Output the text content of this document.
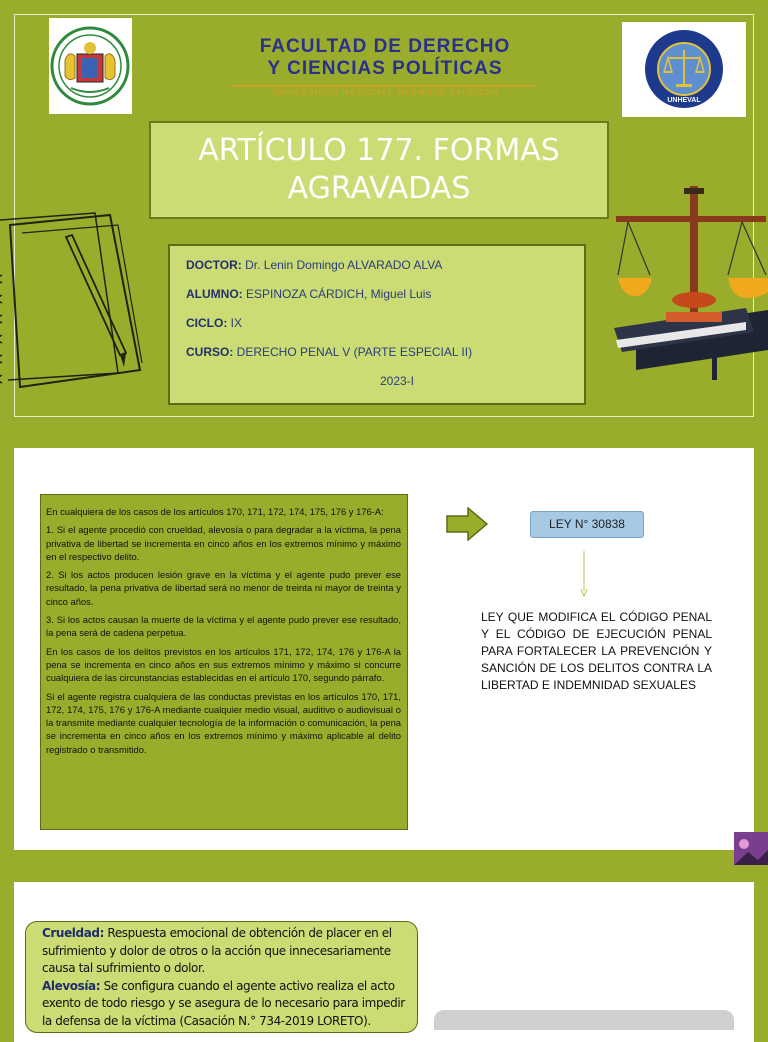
FACULTAD DE DERECHO
Y CIENCIAS POLÍTICAS
UNIVERSIDAD NACIONAL HERMILIO VALDIZAN
UNHEVAL
ARTÍCULO 177. FORMAS
AGRAVADAS
DOCTOR: Dr. Lenin Domingo ALVARADO ALVA
ALUMNO: ESPINOZA CÁRDICH, Miguel Luis
CICLO: IX
CURSO: DERECHO PENAL V (PARTE ESPECIAL II)
2023-I

En cualquiera de los casos de los artículos 170, 171, 172, 174, 175, 176 y 176-A:

1. Si el agente procedió con crueldad, alevosía o para degradar a la víctima, la pena privativa de libertad se incrementa en cinco años en los extremos mínimo y máximo en el respectivo delito.

2. Si los actos producen lesión grave en la víctima y el agente pudo prever ese resultado, la pena privativa de libertad será no menor de treinta ni mayor de treinta y cinco años.

3. Si los actos causan la muerte de la víctima y el agente pudo prever ese resultado, la pena será de cadena perpetua.

En los casos de los delitos previstos en los artículos 171, 172, 174, 176 y 176-A la pena se incrementa en cinco años en sus extremos mínimo y máximo si concurre cualquiera de las circunstancias establecidas en el artículo 170, segundo párrafo.

Si el agente registra cualquiera de las conductas previstas en los artículos 170, 171, 172, 174, 175, 176 y 176-A mediante cualquier medio visual, auditivo o audiovisual o la transmite mediante cualquier tecnología de la información o comunicación, la pena se incrementa en cinco años en los extremos mínimo y máximo aplicable al delito registrado o transmitido.

LEY N° 30838
LEY QUE MODIFICA EL CÓDIGO PENAL Y EL CÓDIGO DE EJECUCIÓN PENAL PARA FORTALECER LA PREVENCIÓN Y SANCIÓN DE LOS DELITOS CONTRA LA LIBERTAD E INDEMNIDAD SEXUALES
Crueldad: Respuesta emocional de obtención de placer en el sufrimiento y dolor de otros o la acción que innecesariamente causa tal sufrimiento o dolor.
Alevosía: Se configura cuando el agente activo realiza el acto exento de todo riesgo y se asegura de lo necesario para impedir la defensa de la víctima (Casación N.° 734-2019 LORETO).
